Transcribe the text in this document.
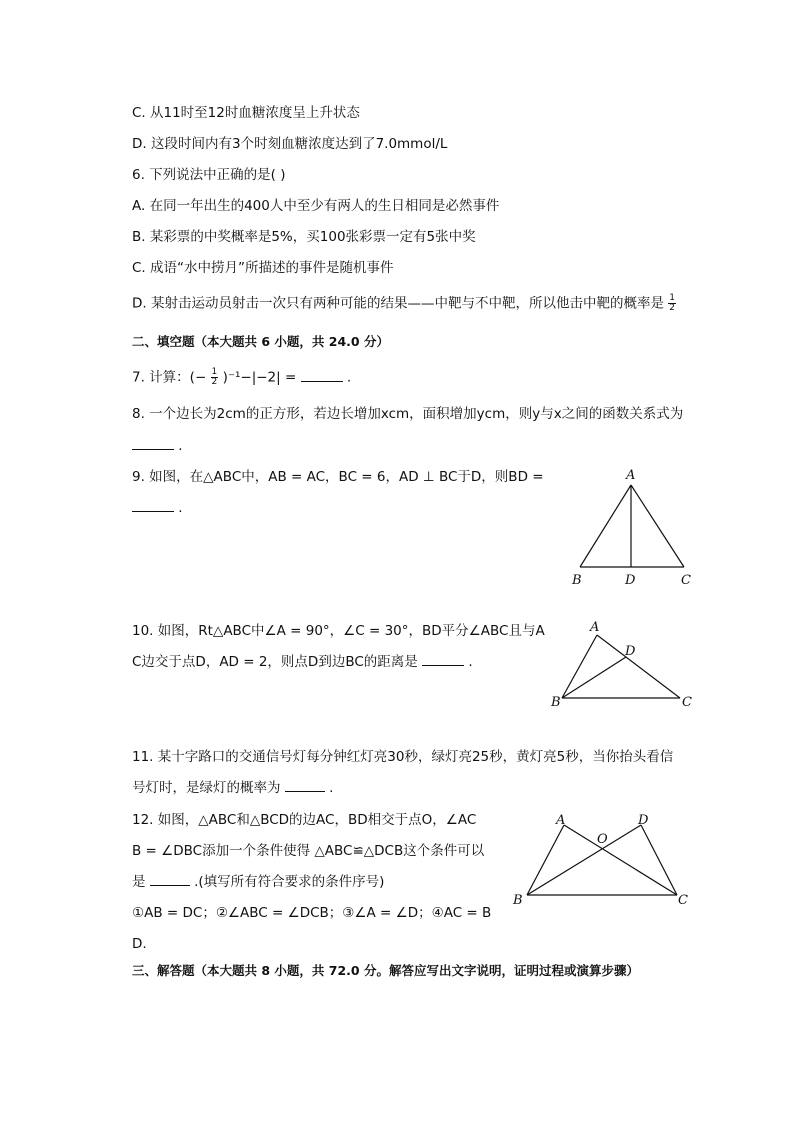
C. 从11时至12时血糖浓度呈上升状态
D. 这段时间内有3个时刻血糖浓度达到了7.0mmol/L
6. 下列说法中正确的是( )
A. 在同一年出生的400人中至少有两人的生日相同是必然事件
B. 某彩票的中奖概率是5%，买100张彩票一定有5张中奖
C. 成语“水中捞月”所描述的事件是随机事件
D. 某射击运动员射击一次只有两种可能的结果——中靶与不中靶，所以他击中靶的概率是 $\frac{1}{2}$
二、填空题（本大题共 6 小题，共 24.0 分）
7. 计算：(− $\frac{1}{2} )^{-1}-|-2|$ =	.
8. 一个边长为2cm的正方形，若边长增加xcm，面积增加ycm，则y与x之间的函数关系式为
.
9. 如图，在△ABC中，AB = AC，BC = 6，AD ⊥ BC于D，则BD =
.
A
B	D	C
10. 如图，Rt△ABC中∠A = 90°，∠C = 30°，BD平分∠ABC且与A
C边交于点D，AD = 2，则点D到边BC的距离是	.
A
D
B	C
11. 某十字路口的交通信号灯每分钟红灯亮30秒，绿灯亮25秒，黄灯亮5秒，当你抬头看信
号灯时，是绿灯的概率为	.
12. 如图，△ABC和△BCD的边AC，BD相交于点O，∠AC
B = ∠DBC添加一个条件使得 △ABC≌△DCB这个条件可以
是	.(填写所有符合要求的条件序号)
①AB = DC；②∠ABC = ∠DCB；③∠A = ∠D；④AC = B
D.
A	D
O
B	C
三、解答题（本大题共 8 小题，共 72.0 分。解答应写出文字说明，证明过程或演算步骤）
